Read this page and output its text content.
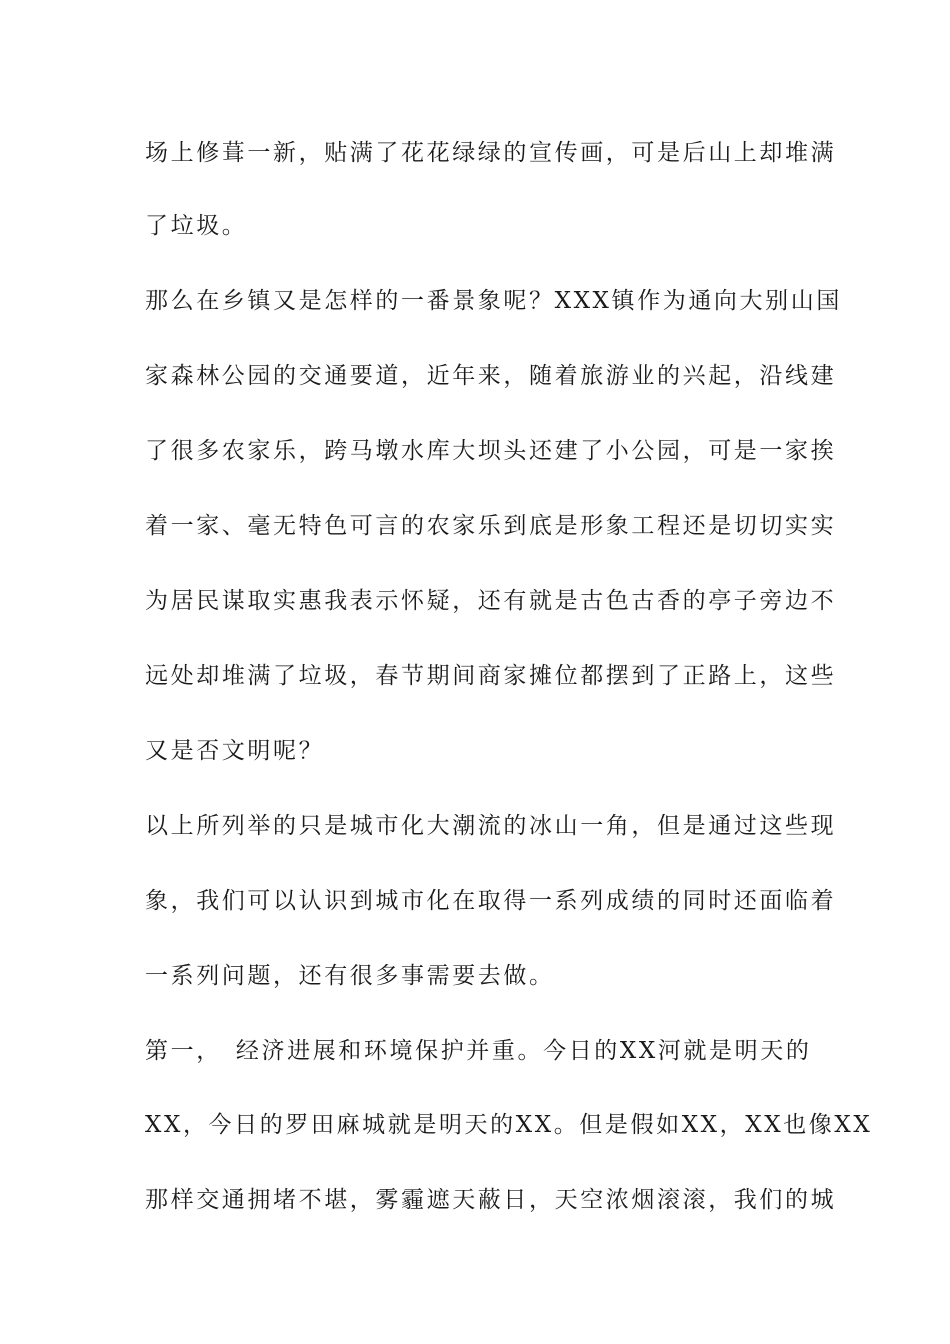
场上修葺一新，贴满了花花绿绿的宣传画，可是后山上却堆满
了垃圾。
那么在乡镇又是怎样的一番景象呢？XXX镇作为通向大别山国
家森林公园的交通要道，近年来，随着旅游业的兴起，沿线建
了很多农家乐，跨马墩水库大坝头还建了小公园，可是一家挨
着一家、毫无特色可言的农家乐到底是形象工程还是切切实实
为居民谋取实惠我表示怀疑，还有就是古色古香的亭子旁边不
远处却堆满了垃圾，春节期间商家摊位都摆到了正路上，这些
又是否文明呢？
以上所列举的只是城市化大潮流的冰山一角，但是通过这些现
象，我们可以认识到城市化在取得一系列成绩的同时还面临着
一系列问题，还有很多事需要去做。
第一，　经济进展和环境保护并重。今日的XX河就是明天的
XX，今日的罗田麻城就是明天的XX。但是假如XX，XX也像XX
那样交通拥堵不堪，雾霾遮天蔽日，天空浓烟滚滚，我们的城
